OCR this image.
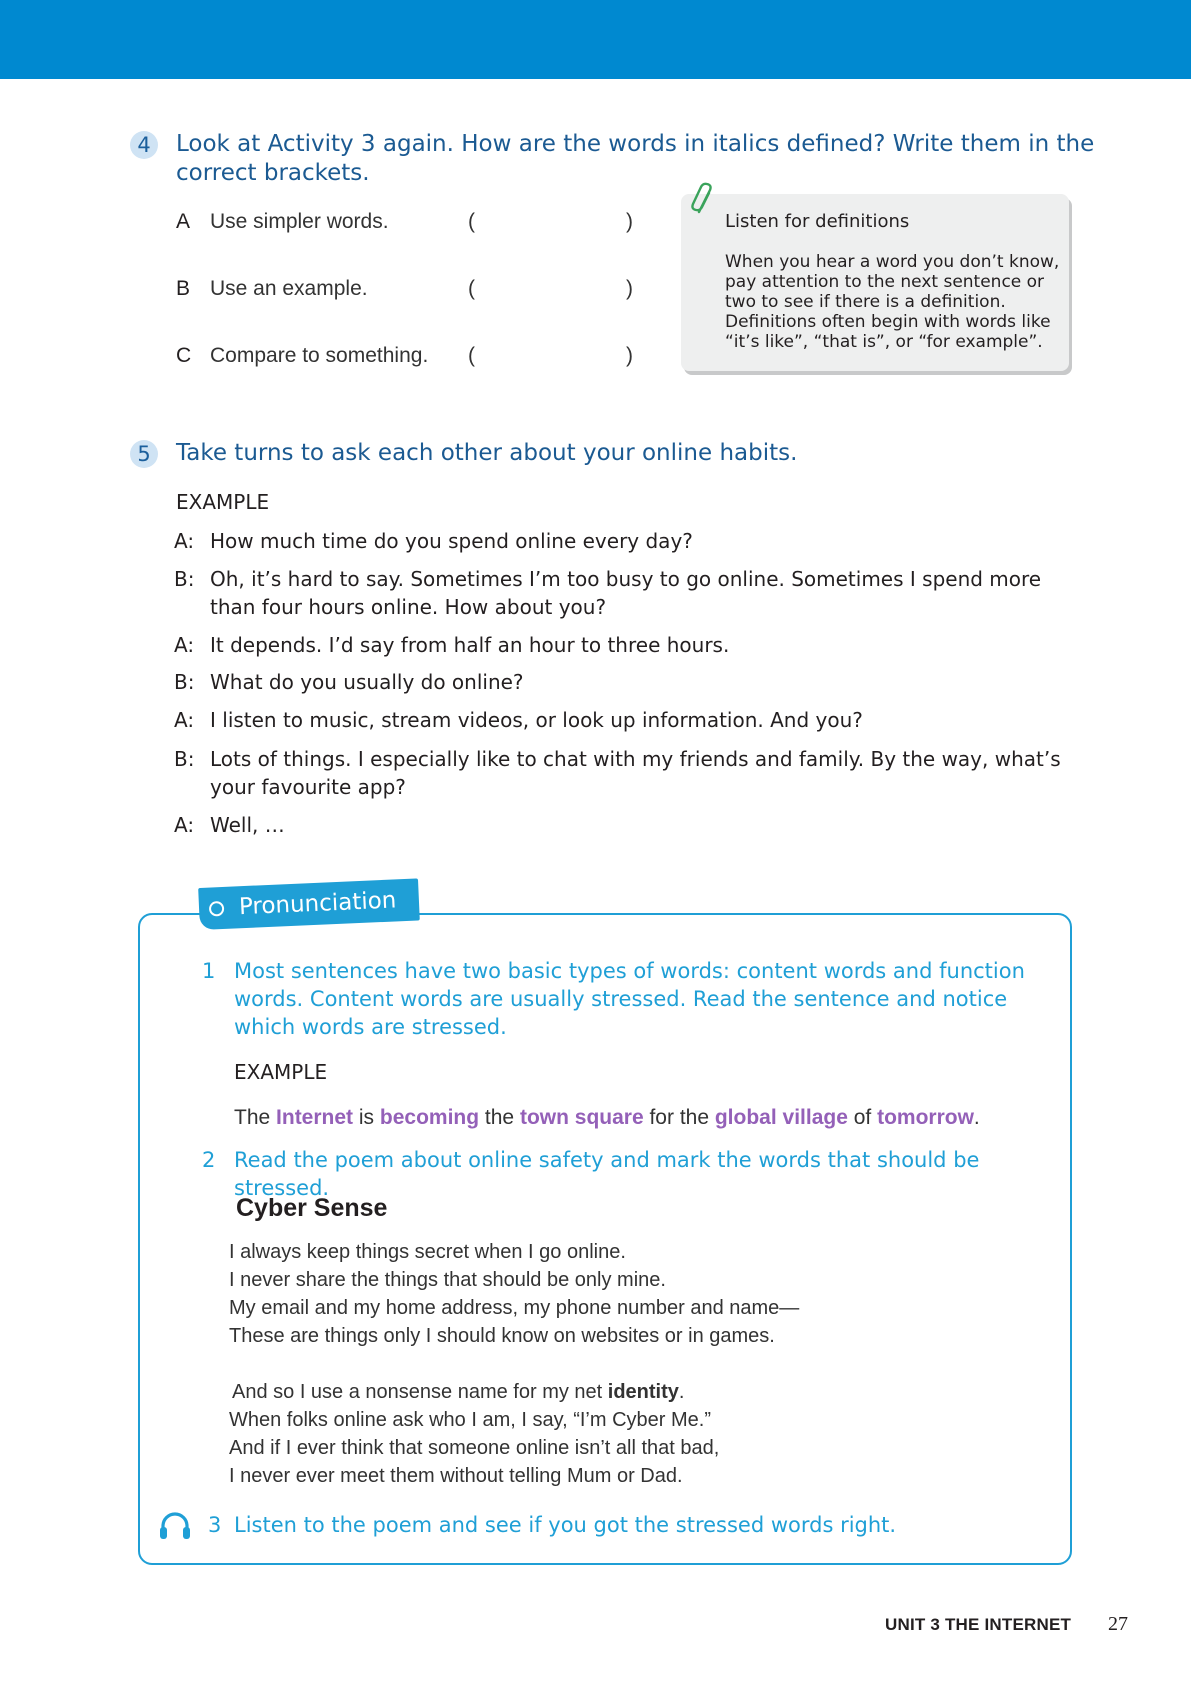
4	Look at Activity 3 again. How are the words in italics defined? Write them in the
correct brackets.
A Use simpler words.	(	)
B Use an example.	(	)
C Compare to something. (	)
Listen for definitions
When you hear a word you don’t know, pay attention to the next sentence or two to see if there is a definition. Definitions often begin with words like “it’s like”, “that is”, or “for example”.
5	Take turns to ask each other about your online habits.
EXAMPLE
A: How much time do you spend online every day?
B: Oh, it’s hard to say. Sometimes I’m too busy to go online. Sometimes I spend more than four hours online. How about you?
A: It depends. I’d say from half an hour to three hours.
B: What do you usually do online?
A: I listen to music, stream videos, or look up information. And you?
B: Lots of things. I especially like to chat with my friends and family. By the way, what’s your favourite app?
A: Well, …
Pronunciation
1 Most sentences have two basic types of words: content words and function words. Content words are usually stressed. Read the sentence and notice which words are stressed.

EXAMPLE
The Internet is becoming the town square for the global village of tomorrow.
2 Read the poem about online safety and mark the words that should be stressed.

Cyber Sense
I always keep things secret when I go online.
I never share the things that should be only mine.
My email and my home address, my phone number and name—
These are things only I should know on websites or in games.
And so I use a nonsense name for my net identity.
When folks online ask who I am, I say, “I’m Cyber Me.”
And if I ever think that someone online isn’t all that bad,
I never ever meet them without telling Mum or Dad.
3 Listen to the poem and see if you got the stressed words right.

UNIT 3 THE INTERNET 27
